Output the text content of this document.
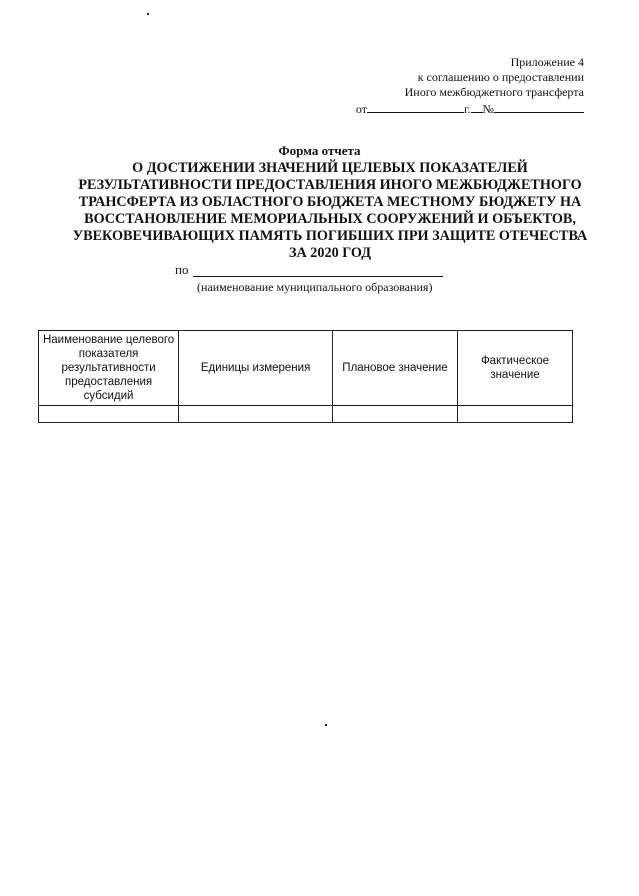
Приложение 4
к соглашению о предоставлении
Иного межбюджетного трансферта
от	г. №
Форма отчета
О ДОСТИЖЕНИИ ЗНАЧЕНИЙ ЦЕЛЕВЫХ ПОКАЗАТЕЛЕЙ
РЕЗУЛЬТАТИВНОСТИ ПРЕДОСТАВЛЕНИЯ ИНОГО МЕЖБЮДЖЕТНОГО
ТРАНСФЕРТА ИЗ ОБЛАСТНОГО БЮДЖЕТА МЕСТНОМУ БЮДЖЕТУ НА
ВОССТАНОВЛЕНИЕ МЕМОРИАЛЬНЫХ СООРУЖЕНИЙ И ОБЪЕКТОВ,
УВЕКОВЕЧИВАЮЩИХ ПАМЯТЬ ПОГИБШИХ ПРИ ЗАЩИТЕ ОТЕЧЕСТВА
ЗА 2020 ГОД
по
(наименование муниципального образования)
Наименование целевого показателя результативности предоставления субсидий	Единицы измерения	Плановое значение	Фактическое значение
